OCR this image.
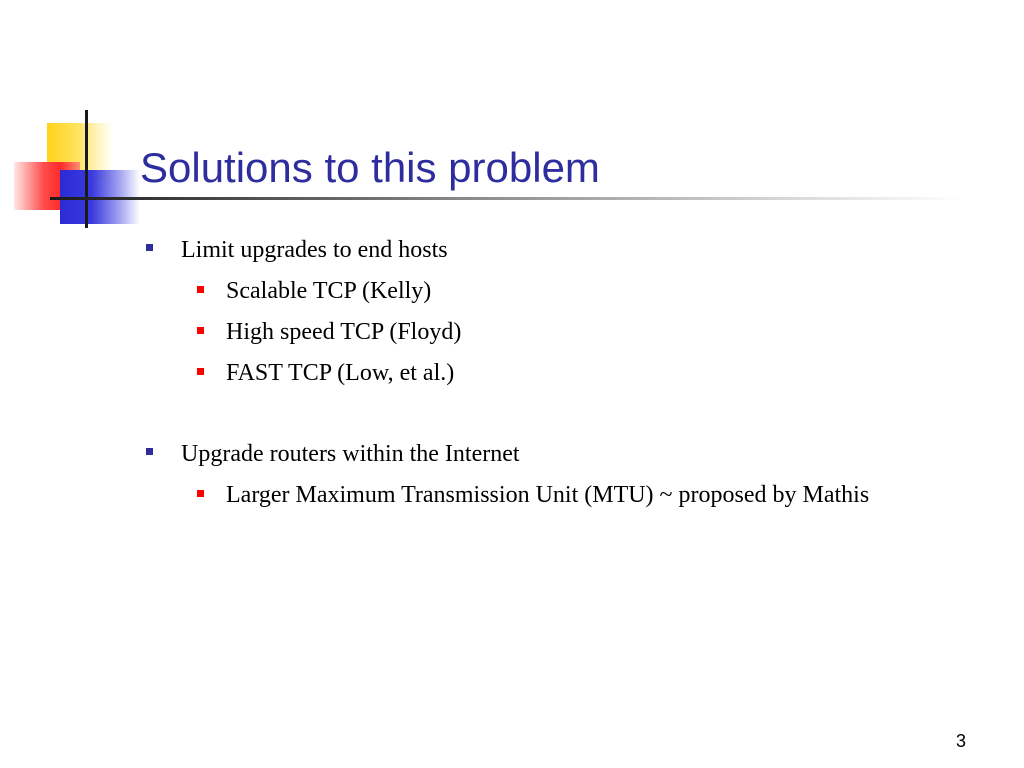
Solutions to this problem
Limit upgrades to end hosts
Scalable TCP (Kelly)
High speed TCP (Floyd)
FAST TCP (Low, et al.)
Upgrade routers within the Internet
Larger Maximum Transmission Unit (MTU) ~ proposed by Mathis
3
